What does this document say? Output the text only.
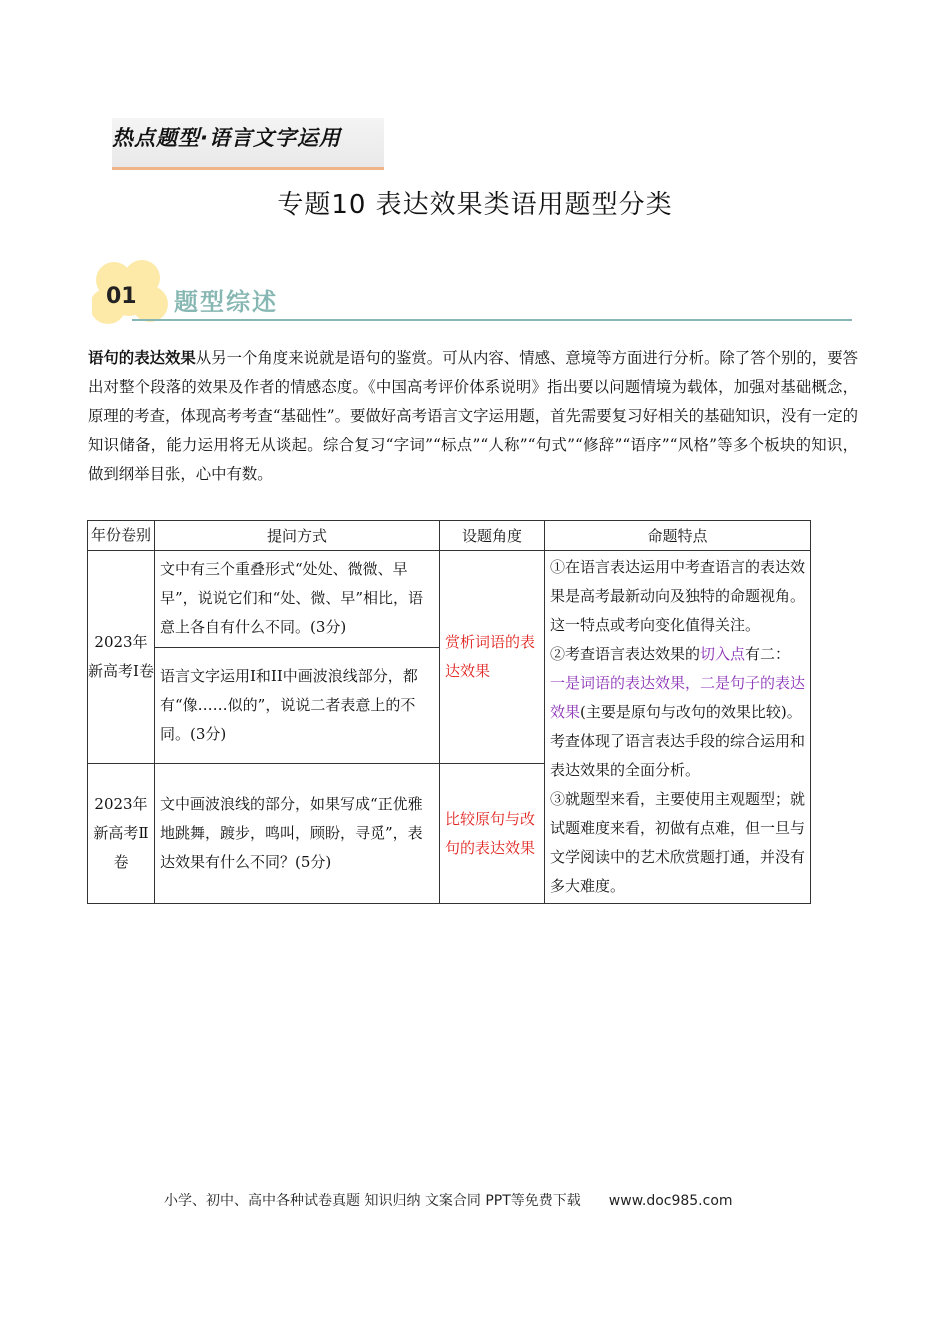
热点题型·语言文字运用
专题10 表达效果类语用题型分类
01 题型综述
语句的表达效果从另一个角度来说就是语句的鉴赏。可从内容、情感、意境等方面进行分析。除了答个别的，要答出对整个段落的效果及作者的情感态度。《中国高考评价体系说明》指出要以问题情境为载体，加强对基础概念，原理的考查，体现高考考查“基础性”。要做好高考语言文字运用题，首先需要复习好相关的基础知识，没有一定的知识储备，能力运用将无从谈起。综合复习“字词”“标点”“人称”“句式”“修辞”“语序”“风格”等多个板块的知识，做到纲举目张，心中有数。
年份卷别	提问方式	设题角度	命题特点
2023年新高考Ⅰ卷	文中有三个重叠形式“处处、微微、早早”，说说它们和“处、微、早”相比，语意上各自有什么不同。(3分)	赏析词语的表达效果	①在语言表达运用中考查语言的表达效果是高考最新动向及独特的命题视角。这一特点或考向变化值得关注。
②考查语言表达效果的切入点有二：一是词语的表达效果，二是句子的表达效果(主要是原句与改句的效果比较)。考查体现了语言表达手段的综合运用和表达效果的全面分析。
③就题型来看，主要使用主观题型；就试题难度来看，初做有点难，但一旦与文学阅读中的艺术欣赏题打通，并没有多大难度。
	语言文字运用I和II中画波浪线部分，都有“像……似的”，说说二者表意上的不同。(3分)		
2023年新高考Ⅱ卷	文中画波浪线的部分，如果写成“正优雅地跳舞，踱步，鸣叫，顾盼，寻觅”，表达效果有什么不同？(5分)	比较原句与改句的表达效果	
小学、初中、高中各种试卷真题 知识归纳 文案合同 PPT等免费下载 www.doc985.com
